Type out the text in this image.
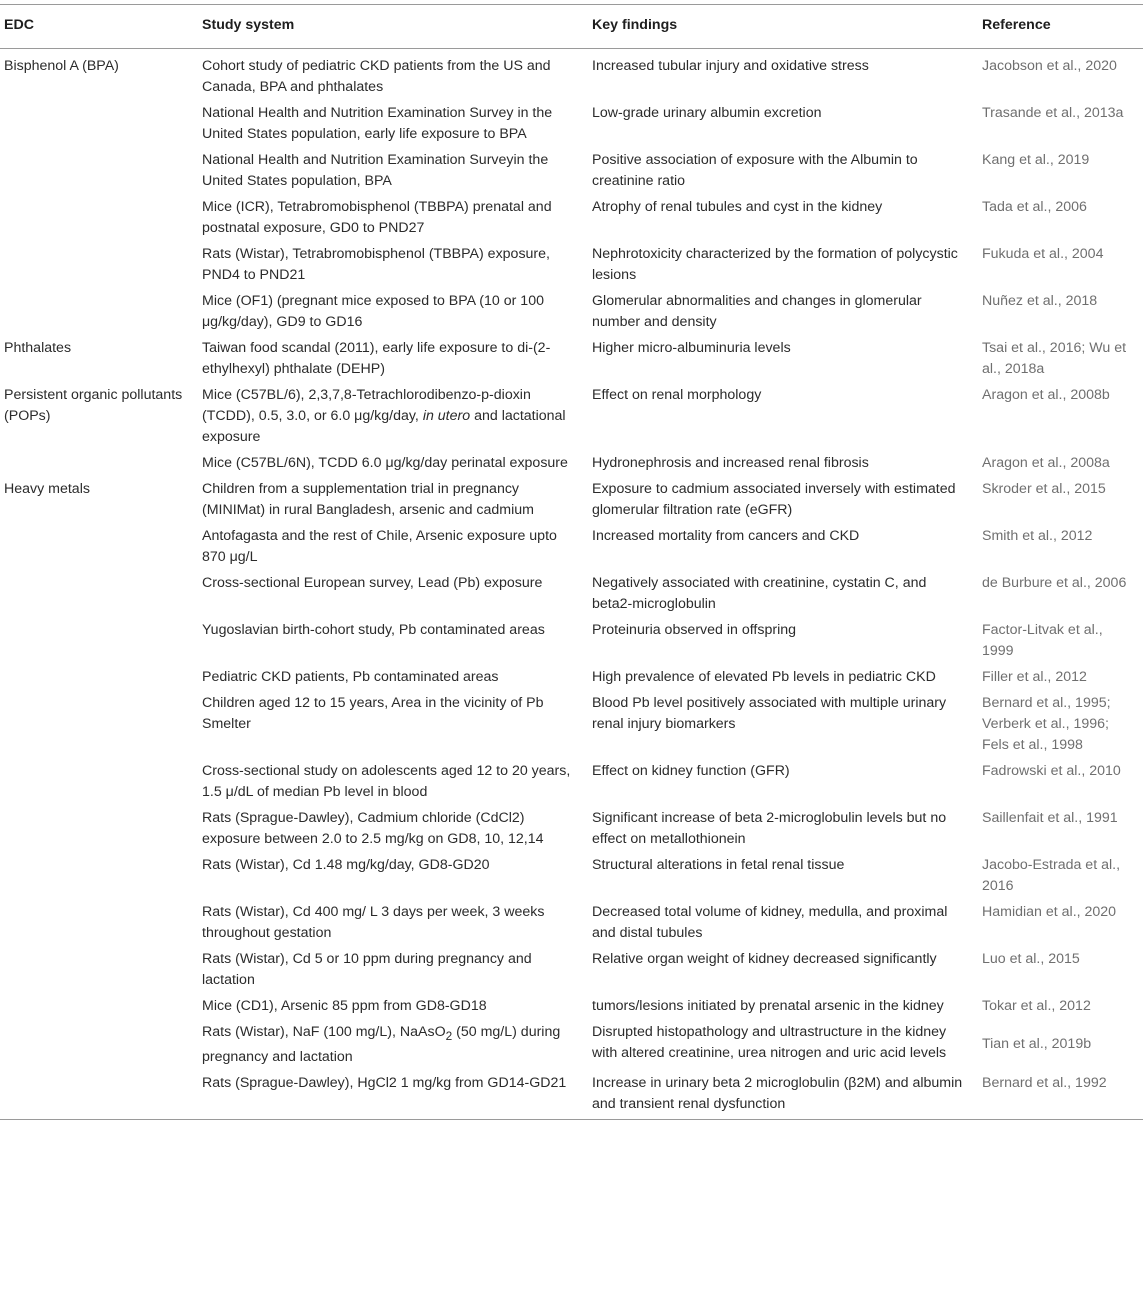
EDC	Study system	Key findings	Reference
Bisphenol A (BPA)	Cohort study of pediatric CKD patients from the US and Canada, BPA and phthalates	Increased tubular injury and oxidative stress	Jacobson et al., 2020
	National Health and Nutrition Examination Survey in the United States population, early life exposure to BPA	Low-grade urinary albumin excretion	Trasande et al., 2013a
	National Health and Nutrition Examination Surveyin the United States population, BPA	Positive association of exposure with the Albumin to creatinine ratio	Kang et al., 2019
	Mice (ICR), Tetrabromobisphenol (TBBPA) prenatal and postnatal exposure, GD0 to PND27	Atrophy of renal tubules and cyst in the kidney	Tada et al., 2006
	Rats (Wistar), Tetrabromobisphenol (TBBPA) exposure, PND4 to PND21	Nephrotoxicity characterized by the formation of polycystic lesions	Fukuda et al., 2004
	Mice (OF1) (pregnant mice exposed to BPA (10 or 100 μg/kg/day), GD9 to GD16	Glomerular abnormalities and changes in glomerular number and density	Nuñez et al., 2018
Phthalates	Taiwan food scandal (2011), early life exposure to di-(2-ethylhexyl) phthalate (DEHP)	Higher micro-albuminuria levels	Tsai et al., 2016; Wu et al., 2018a
Persistent organic pollutants (POPs)	Mice (C57BL/6), 2,3,7,8-Tetrachlorodibenzo-p-dioxin (TCDD), 0.5, 3.0, or 6.0 μg/kg/day, in utero and lactational exposure	Effect on renal morphology	Aragon et al., 2008b
	Mice (C57BL/6N), TCDD 6.0 μg/kg/day perinatal exposure	Hydronephrosis and increased renal fibrosis	Aragon et al., 2008a
Heavy metals	Children from a supplementation trial in pregnancy (MINIMat) in rural Bangladesh, arsenic and cadmium	Exposure to cadmium associated inversely with estimated glomerular filtration rate (eGFR)	Skroder et al., 2015
	Antofagasta and the rest of Chile, Arsenic exposure upto 870 μg/L	Increased mortality from cancers and CKD	Smith et al., 2012
	Cross-sectional European survey, Lead (Pb) exposure	Negatively associated with creatinine, cystatin C, and beta2-microglobulin	de Burbure et al., 2006
	Yugoslavian birth-cohort study, Pb contaminated areas	Proteinuria observed in offspring	Factor-Litvak et al., 1999
	Pediatric CKD patients, Pb contaminated areas	High prevalence of elevated Pb levels in pediatric CKD	Filler et al., 2012
	Children aged 12 to 15 years, Area in the vicinity of Pb Smelter	Blood Pb level positively associated with multiple urinary renal injury biomarkers	Bernard et al., 1995; Verberk et al., 1996; Fels et al., 1998
	Cross-sectional study on adolescents aged 12 to 20 years, 1.5 μ/dL of median Pb level in blood	Effect on kidney function (GFR)	Fadrowski et al., 2010
	Rats (Sprague-Dawley), Cadmium chloride (CdCl2) exposure between 2.0 to 2.5 mg/kg on GD8, 10, 12,14	Significant increase of beta 2-microglobulin levels but no effect on metallothionein	Saillenfait et al., 1991
	Rats (Wistar), Cd 1.48 mg/kg/day, GD8-GD20	Structural alterations in fetal renal tissue	Jacobo-Estrada et al., 2016
	Rats (Wistar), Cd 400 mg/ L 3 days per week, 3 weeks throughout gestation	Decreased total volume of kidney, medulla, and proximal and distal tubules	Hamidian et al., 2020
	Rats (Wistar), Cd 5 or 10 ppm during pregnancy and lactation	Relative organ weight of kidney decreased significantly	Luo et al., 2015
	Mice (CD1), Arsenic 85 ppm from GD8-GD18	tumors/lesions initiated by prenatal arsenic in the kidney	Tokar et al., 2012
	Rats (Wistar), NaF (100 mg/L), NaAsO$_2$ (50 mg/L) during pregnancy and lactation	Disrupted histopathology and ultrastructure in the kidney with altered creatinine, urea nitrogen and uric acid levels	Tian et al., 2019b
	Rats (Sprague-Dawley), HgCl2 1 mg/kg from GD14-GD21	Increase in urinary beta 2 microglobulin (β2M) and albumin and transient renal dysfunction	Bernard et al., 1992
